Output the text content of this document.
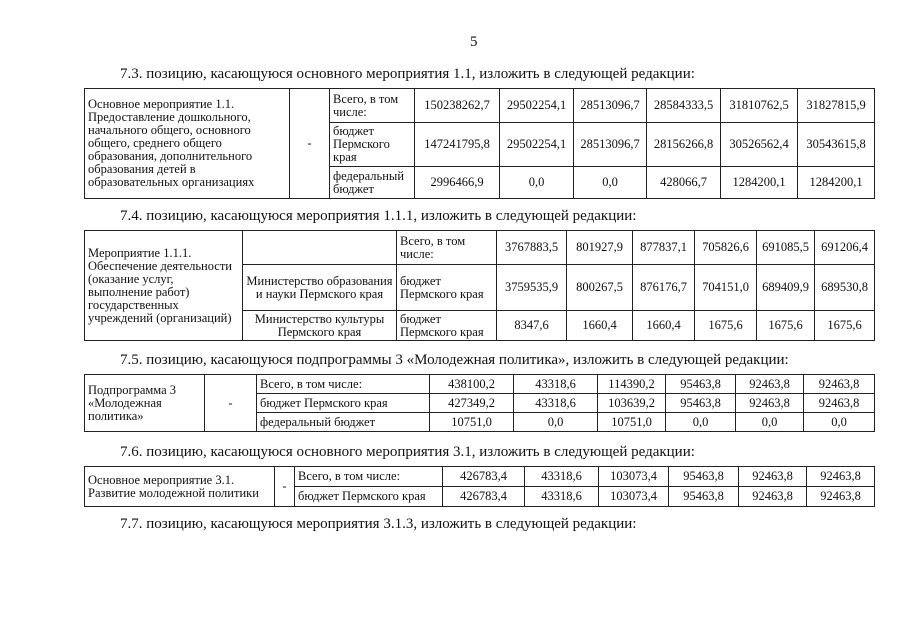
5
7.3. позицию, касающуюся основного мероприятия 1.1, изложить в следующей редакции:
Основное мероприятие 1.1. Предоставление дошкольного, начального общего, основного общего, среднего общего образования, дополнительного образования детей в образовательных организациях	-	Всего, в том числе:	150238262,7	29502254,1	28513096,7	28584333,5	31810762,5	31827815,9
		бюджет Пермского края	147241795,8	29502254,1	28513096,7	28156266,8	30526562,4	30543615,8
		федеральный бюджет	2996466,9	0,0	0,0	428066,7	1284200,1	1284200,1
7.4. позицию, касающуюся мероприятия 1.1.1, изложить в следующей редакции:
Мероприятие 1.1.1. Обеспечение деятельности (оказание услуг, выполнение работ) государственных учреждений (организаций)		Всего, в том числе:	3767883,5	801927,9	877837,1	705826,6	691085,5	691206,4
	Министерство образования и науки Пермского края	бюджет Пермского края	3759535,9	800267,5	876176,7	704151,0	689409,9	689530,8
	Министерство культуры Пермского края	бюджет Пермского края	8347,6	1660,4	1660,4	1675,6	1675,6	1675,6
7.5. позицию, касающуюся подпрограммы 3 «Молодежная политика», изложить в следующей редакции:
Подпрограмма 3 «Молодежная политика»	-	Всего, в том числе:	438100,2	43318,6	114390,2	95463,8	92463,8	92463,8
		бюджет Пермского края	427349,2	43318,6	103639,2	95463,8	92463,8	92463,8
		федеральный бюджет	10751,0	0,0	10751,0	0,0	0,0	0,0
7.6. позицию, касающуюся основного мероприятия 3.1, изложить в следующей редакции:
Основное мероприятие 3.1. Развитие молодежной политики	-	Всего, в том числе:	426783,4	43318,6	103073,4	95463,8	92463,8	92463,8
		бюджет Пермского края	426783,4	43318,6	103073,4	95463,8	92463,8	92463,8
7.7. позицию, касающуюся мероприятия 3.1.3, изложить в следующей редакции:
